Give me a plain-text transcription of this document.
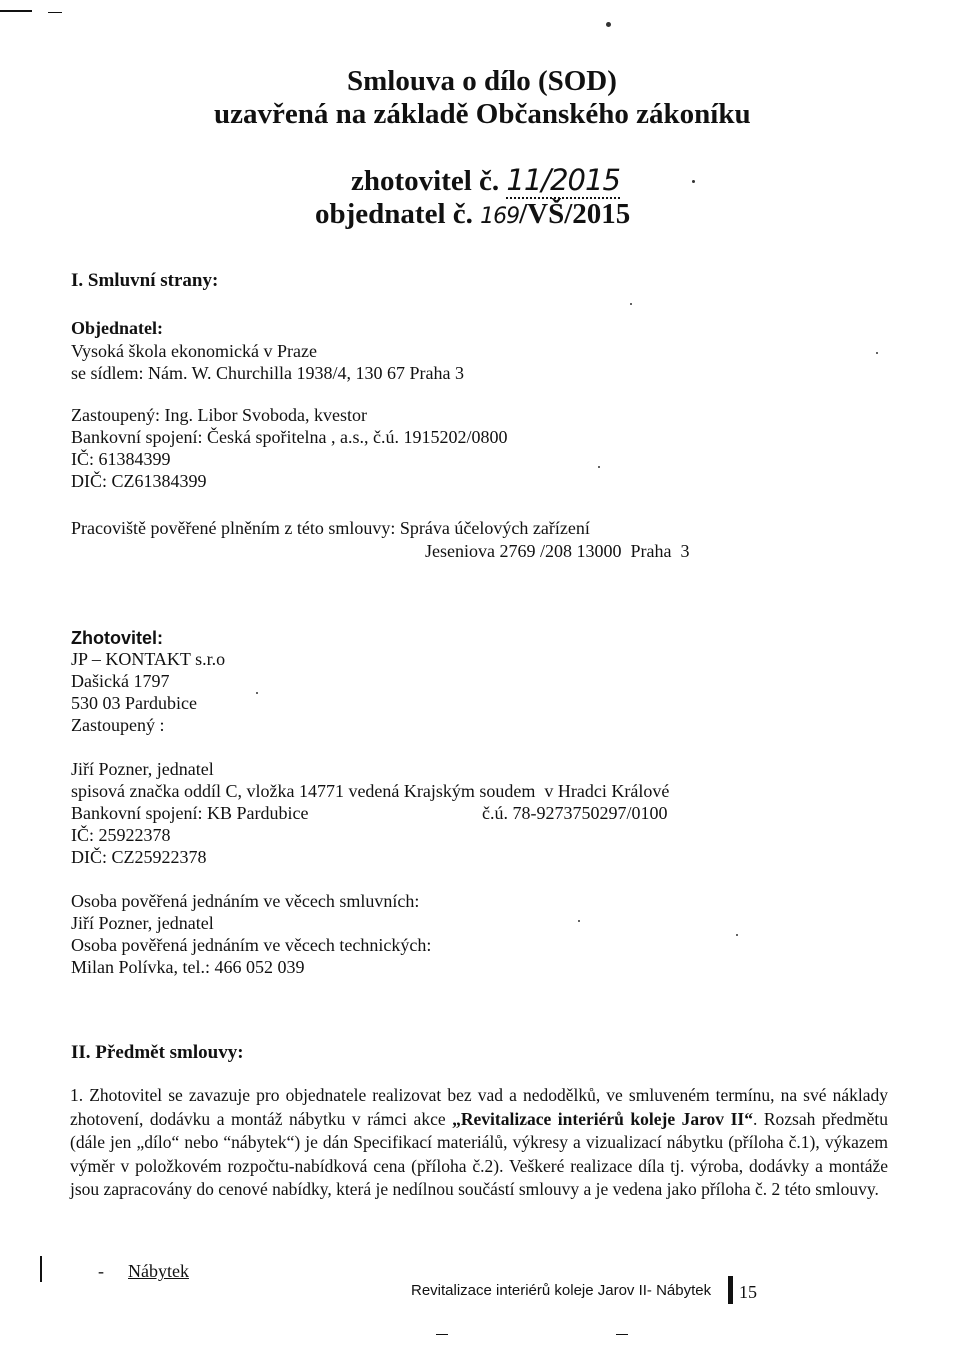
Smlouva o dílo (SOD)
uzavřená na základě Občanského zákoníku
zhotovitel č. 11/2015
objednatel č. 169/VŠ/2015
I. Smluvní strany:
Objednatel:
Vysoká škola ekonomická v Praze
se sídlem: Nám. W. Churchilla 1938/4, 130 67 Praha 3
Zastoupený: Ing. Libor Svoboda, kvestor
Bankovní spojení: Česká spořitelna , a.s., č.ú. 1915202/0800
IČ: 61384399
DIČ: CZ61384399
Pracoviště pověřené plněním z této smlouvy: Správa účelových zařízení
Jeseniova 2769 /208 13000  Praha  3
Zhotovitel:
JP – KONTAKT s.r.o
Dašická 1797
530 03 Pardubice
Zastoupený :
Jiří Pozner, jednatel
spisová značka oddíl C, vložka 14771 vedená Krajským soudem  v Hradci Králové
Bankovní spojení: KB Pardubice	č.ú. 78-9273750297/0100
IČ: 25922378
DIČ: CZ25922378
Osoba pověřená jednáním ve věcech smluvních:
Jiří Pozner, jednatel
Osoba pověřená jednáním ve věcech technických:
Milan Polívka, tel.: 466 052 039
II. Předmět smlouvy:
1. Zhotovitel se zavazuje pro objednatele realizovat bez vad a nedodělků, ve smluveném termínu, na své náklady zhotovení, dodávku a montáž nábytku v rámci akce „Revitalizace interiérů koleje Jarov II“. Rozsah předmětu (dále jen „dílo“ nebo “nábytek“) je dán Specifikací materiálů, výkresy a vizualizací nábytku (příloha č.1), výkazem výměr v položkovém rozpočtu-nabídková cena (příloha č.2). Veškeré realizace díla tj. výroba, dodávky a montáže jsou zapracovány do cenové nabídky, která je nedílnou součástí smlouvy a je vedena jako příloha č. 2 této smlouvy.
- Nábytek
Revitalizace interiérů koleje Jarov II- Nábytek 15
